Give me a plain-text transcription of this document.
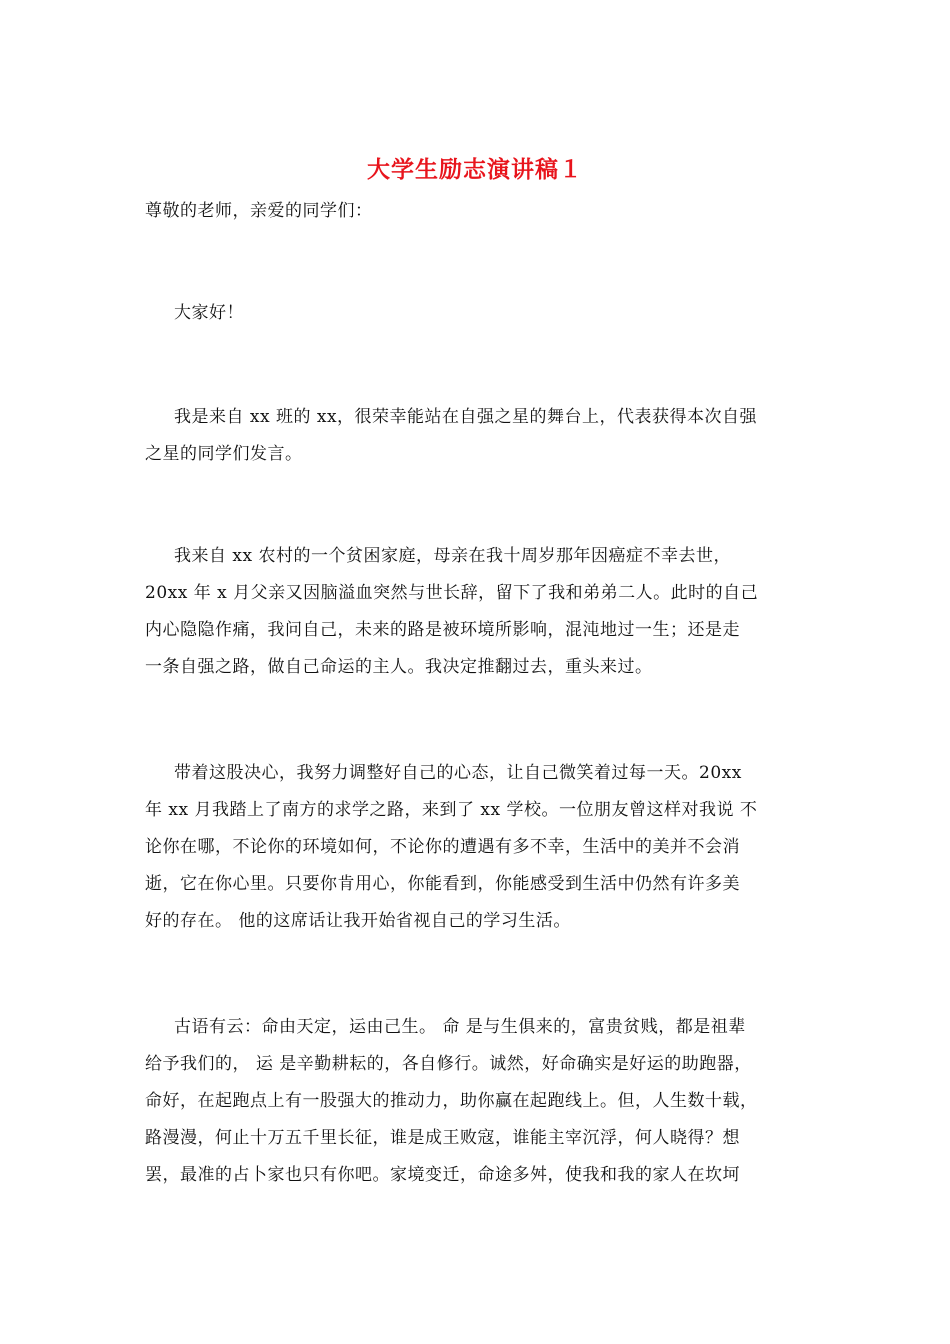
大学生励志演讲稿１
尊敬的老师，亲爱的同学们：
大家好！
我是来自 xx 班的 xx，很荣幸能站在自强之星的舞台上，代表获得本次自强
之星的同学们发言。
我来自 xx 农村的一个贫困家庭，母亲在我十周岁那年因癌症不幸去世，
20xx 年 x 月父亲又因脑溢血突然与世长辞，留下了我和弟弟二人。此时的自己
内心隐隐作痛，我问自己，未来的路是被环境所影响，混沌地过一生；还是走
一条自强之路，做自己命运的主人。我决定推翻过去，重头来过。
带着这股决心，我努力调整好自己的心态，让自己微笑着过每一天。20xx
年 xx 月我踏上了南方的求学之路，来到了 xx 学校。一位朋友曾这样对我说 不
论你在哪，不论你的环境如何，不论你的遭遇有多不幸，生活中的美并不会消
逝，它在你心里。只要你肯用心，你能看到，你能感受到生活中仍然有许多美
好的存在。 他的这席话让我开始省视自己的学习生活。
古语有云：命由天定，运由己生。 命 是与生俱来的，富贵贫贱，都是祖辈
给予我们的， 运 是辛勤耕耘的，各自修行。诚然，好命确实是好运的助跑器，
命好，在起跑点上有一股强大的推动力，助你赢在起跑线上。但，人生数十载，
路漫漫，何止十万五千里长征，谁是成王败寇，谁能主宰沉浮，何人晓得？想
罢，最准的占卜家也只有你吧。家境变迁，命途多舛，使我和我的家人在坎坷
